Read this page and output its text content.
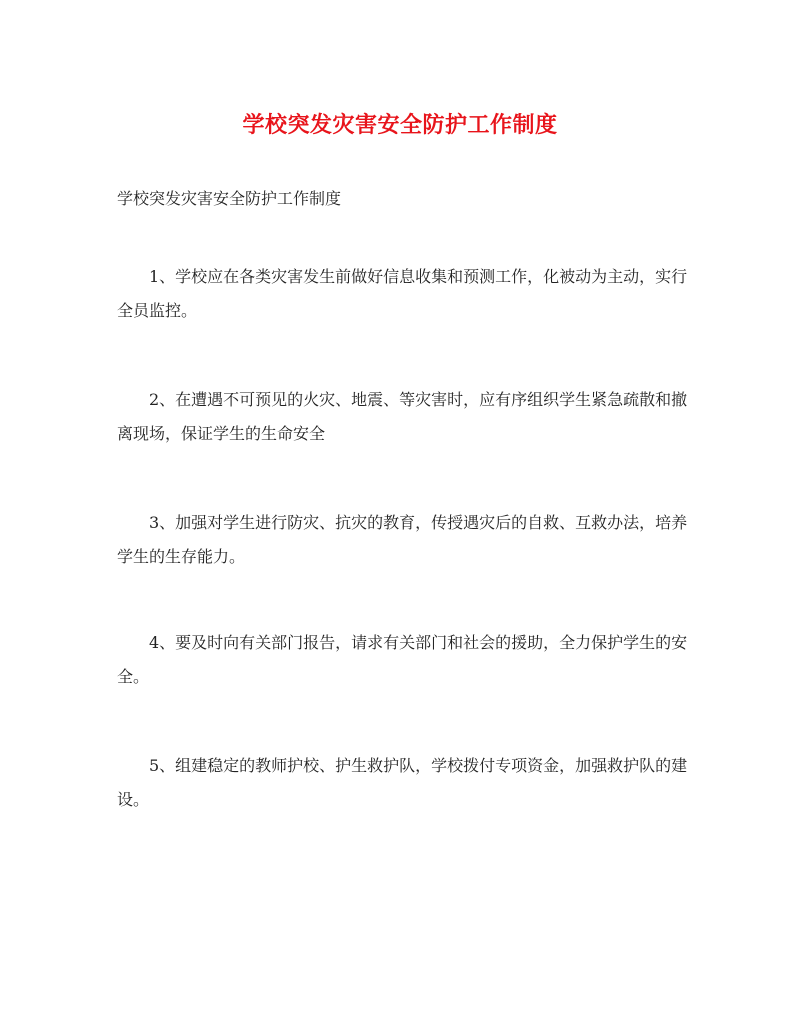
学校突发灾害安全防护工作制度
学校突发灾害安全防护工作制度
1、学校应在各类灾害发生前做好信息收集和预测工作，化被动为主动，实行全员监控。
2、在遭遇不可预见的火灾、地震、等灾害时，应有序组织学生紧急疏散和撤离现场，保证学生的生命安全
3、加强对学生进行防灾、抗灾的教育，传授遇灾后的自救、互救办法，培养学生的生存能力。
4、要及时向有关部门报告，请求有关部门和社会的援助，全力保护学生的安全。
5、组建稳定的教师护校、护生救护队，学校拨付专项资金，加强救护队的建设。
